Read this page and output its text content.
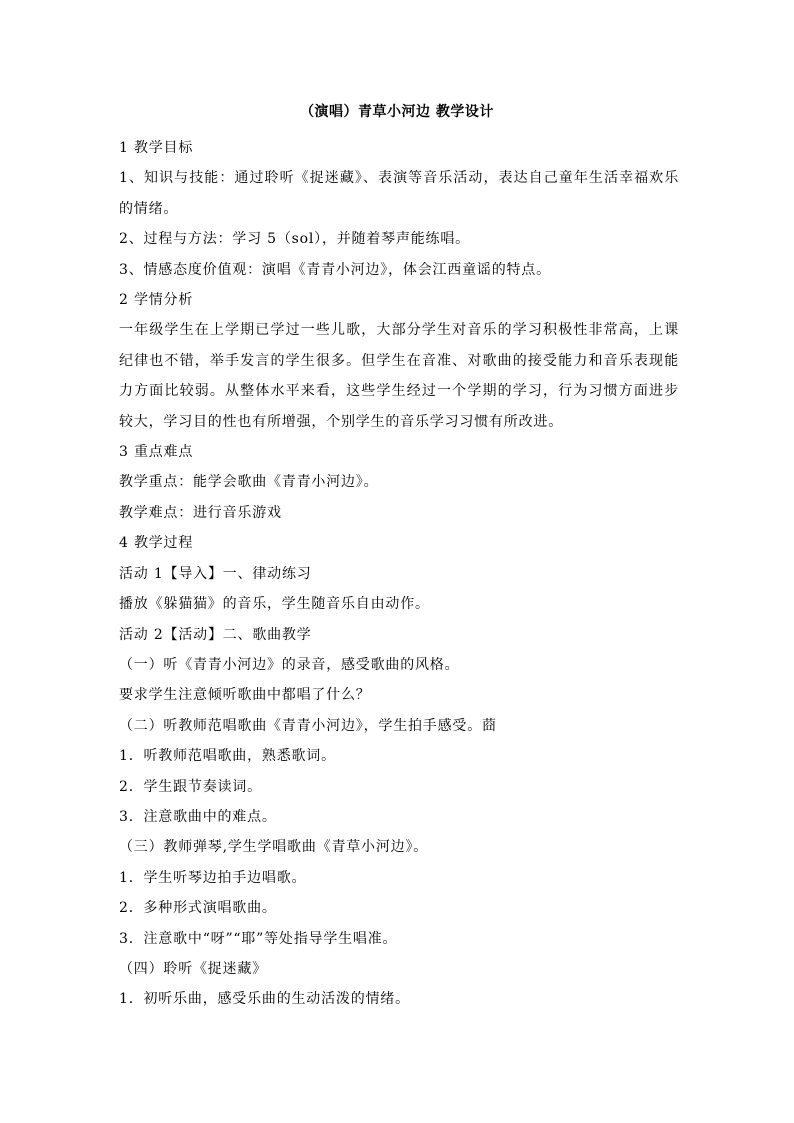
（演唱）青草小河边 教学设计

1 教学目标

1、知识与技能：通过聆听《捉迷藏》、表演等音乐活动，表达自己童年生活幸福欢乐的情绪。

2、过程与方法：学习 5（sol），并随着琴声能练唱。

3、情感态度价值观：演唱《青青小河边》，体会江西童谣的特点。

2 学情分析

一年级学生在上学期已学过一些儿歌，大部分学生对音乐的学习积极性非常高，上课纪律也不错，举手发言的学生很多。但学生在音准、对歌曲的接受能力和音乐表现能力方面比较弱。从整体水平来看，这些学生经过一个学期的学习，行为习惯方面进步较大，学习目的性也有所增强，个别学生的音乐学习习惯有所改进。

3 重点难点

教学重点：能学会歌曲《青青小河边》。

教学难点：进行音乐游戏

4 教学过程

活动 1【导入】一、律动练习

播放《躲猫猫》的音乐，学生随音乐自由动作。

活动 2【活动】二、歌曲教学

（一）听《青青小河边》的录音，感受歌曲的风格。

要求学生注意倾听歌曲中都唱了什么？

（二）听教师范唱歌曲《青青小河边》，学生拍手感受。莔

1．听教师范唱歌曲，熟悉歌词。

2．学生跟节奏读词。

3．注意歌曲中的难点。

（三）教师弹琴,学生学唱歌曲《青草小河边》。

1．学生听琴边拍手边唱歌。

2．多种形式演唱歌曲。

3．注意歌中“呀”“耶”等处指导学生唱准。

（四）聆听《捉迷藏》

1．初听乐曲，感受乐曲的生动活泼的情绪。
